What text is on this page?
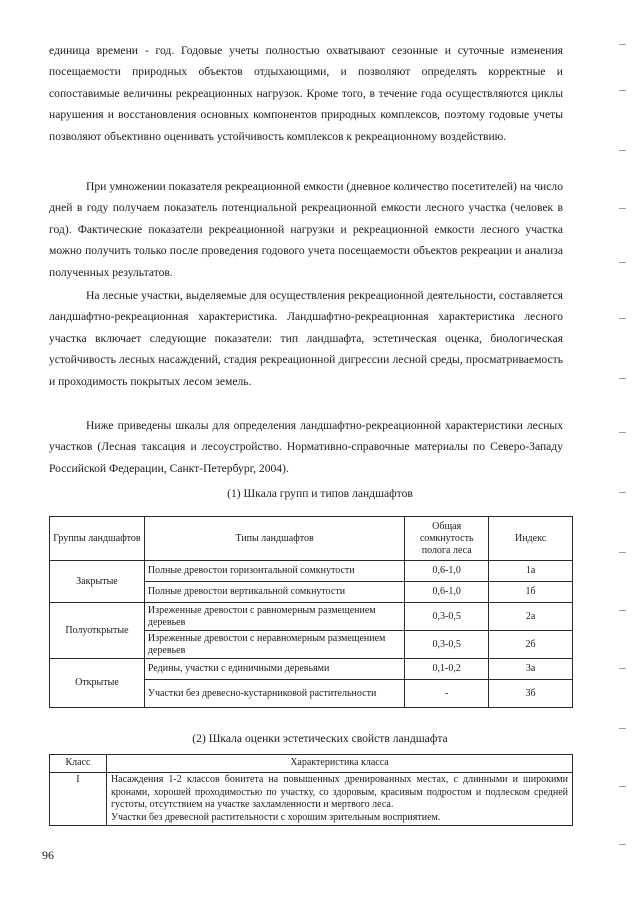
единица времени - год. Годовые учеты полностью охватывают сезонные и суточные изменения посещаемости природных объектов отдыхающими, и позволяют определять корректные и сопоставимые величины рекреационных нагрузок. Кроме того, в течение года осуществляются циклы нарушения и восстановления основных компонентов природных комплексов, поэтому годовые учеты позволяют объективно оценивать устойчивость комплексов к рекреационному воздействию.

При умножении показателя рекреационной емкости (дневное количество посетителей) на число дней в году получаем показатель потенциальной рекреационной емкости лесного участка (человек в год). Фактические показатели рекреационной нагрузки и рекреационной емкости лесного участка можно получить только после проведения годового учета посещаемости объектов рекреации и анализа полученных результатов.

На лесные участки, выделяемые для осуществления рекреационной деятельности, составляется ландшафтно-рекреационная характеристика. Ландшафтно-рекреационная характеристика лесного участка включает следующие показатели: тип ландшафта, эстетическая оценка, биологическая устойчивость лесных насаждений, стадия рекреационной дигрессии лесной среды, просматриваемость и проходимость покрытых лесом земель.

Ниже приведены шкалы для определения ландшафтно-рекреационной характеристики лесных участков (Лесная таксация и лесоустройство. Нормативно-справочные материалы по Северо-Западу Российской Федерации, Санкт-Петербург, 2004).

(1) Шкала групп и типов ландшафтов

Группы ландшафтов	Типы ландшафтов	Общая сомкнутость полога леса	Индекс
Закрытые	Полные древостои горизонтальной сомкнутости	0,6-1,0	1а
	Полные древостои вертикальной сомкнутости	0,6-1,0	1б
Полуоткрытые	Изреженные древостои с равномерным размещением деревьев	0,3-0,5	2а
	Изреженные древостои с неравномерным размещением деревьев	0,3-0,5	2б
Открытые	Редины, участки с единичными деревьями	0,1-0,2	3а
	Участки без древесно-кустарниковой растительности	-	3б

(2) Шкала оценки эстетических свойств ландшафта

Класс	Характеристика класса
I	Насаждения 1-2 классов бонитета на повышенных дренированных местах, с длинными и широкими кронами, хорошей проходимостью по участку, со здоровым, красивым подростом и подлеском средней густоты, отсутствием на участке захламленности и мертвого леса.
Участки без древесной растительности с хорошим зрительным восприятием.
96
